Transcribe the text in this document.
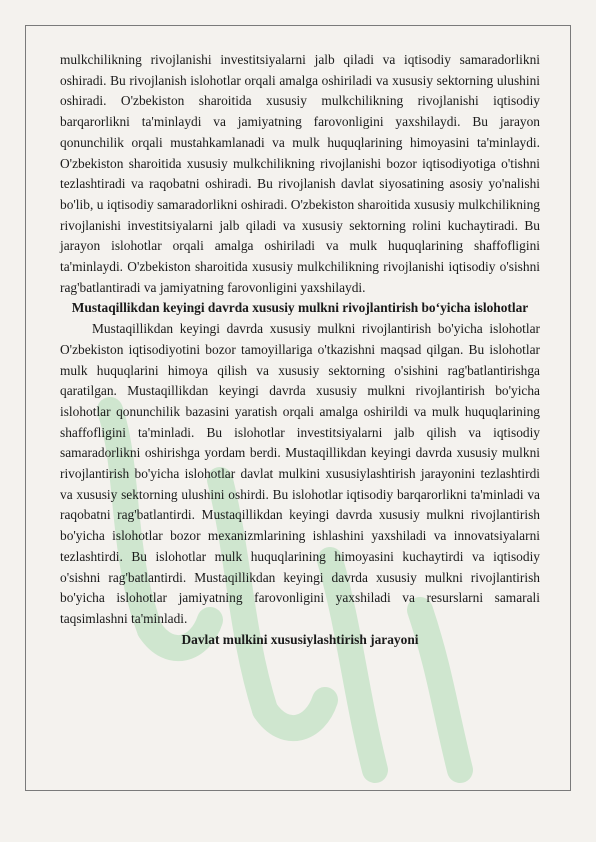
mulkchilikning rivojlanishi investitsiyalarni jalb qiladi va iqtisodiy samaradorlikni oshiradi. Bu rivojlanish islohotlar orqali amalga oshiriladi va xususiy sektorning ulushini oshiradi. O'zbekiston sharoitida xususiy mulkchilikning rivojlanishi iqtisodiy barqarorlikni ta'minlaydi va jamiyatning farovonligini yaxshilaydi. Bu jarayon qonunchilik orqali mustahkamlanadi va mulk huquqlarining himoyasini ta'minlaydi. O'zbekiston sharoitida xususiy mulkchilikning rivojlanishi bozor iqtisodiyotiga o'tishni tezlashtiradi va raqobatni oshiradi. Bu rivojlanish davlat siyosatining asosiy yo'nalishi bo'lib, u iqtisodiy samaradorlikni oshiradi. O'zbekiston sharoitida xususiy mulkchilikning rivojlanishi investitsiyalarni jalb qiladi va xususiy sektorning rolini kuchaytiradi. Bu jarayon islohotlar orqali amalga oshiriladi va mulk huquqlarining shaffofligini ta'minlaydi. O'zbekiston sharoitida xususiy mulkchilikning rivojlanishi iqtisodiy o'sishni rag'batlantiradi va jamiyatning farovonligini yaxshilaydi.

Mustaqillikdan keyingi davrda xususiy mulkni rivojlantirish bo‘yicha islohotlar

Mustaqillikdan keyingi davrda xususiy mulkni rivojlantirish bo'yicha islohotlar O'zbekiston iqtisodiyotini bozor tamoyillariga o'tkazishni maqsad qilgan. Bu islohotlar mulk huquqlarini himoya qilish va xususiy sektorning o'sishini rag'batlantirishga qaratilgan. Mustaqillikdan keyingi davrda xususiy mulkni rivojlantirish bo'yicha islohotlar qonunchilik bazasini yaratish orqali amalga oshirildi va mulk huquqlarining shaffofligini ta'minladi. Bu islohotlar investitsiyalarni jalb qilish va iqtisodiy samaradorlikni oshirishga yordam berdi. Mustaqillikdan keyingi davrda xususiy mulkni rivojlantirish bo'yicha islohotlar davlat mulkini xususiylashtirish jarayonini tezlashtirdi va xususiy sektorning ulushini oshirdi. Bu islohotlar iqtisodiy barqarorlikni ta'minladi va raqobatni rag'batlantirdi. Mustaqillikdan keyingi davrda xususiy mulkni rivojlantirish bo'yicha islohotlar bozor mexanizmlarining ishlashini yaxshiladi va innovatsiyalarni tezlashtirdi. Bu islohotlar mulk huquqlarining himoyasini kuchaytirdi va iqtisodiy o'sishni rag'batlantirdi. Mustaqillikdan keyingi davrda xususiy mulkni rivojlantirish bo'yicha islohotlar jamiyatning farovonligini yaxshiladi va resurslarni samarali taqsimlashni ta'minladi.

Davlat mulkini xususiylashtirish jarayoni
